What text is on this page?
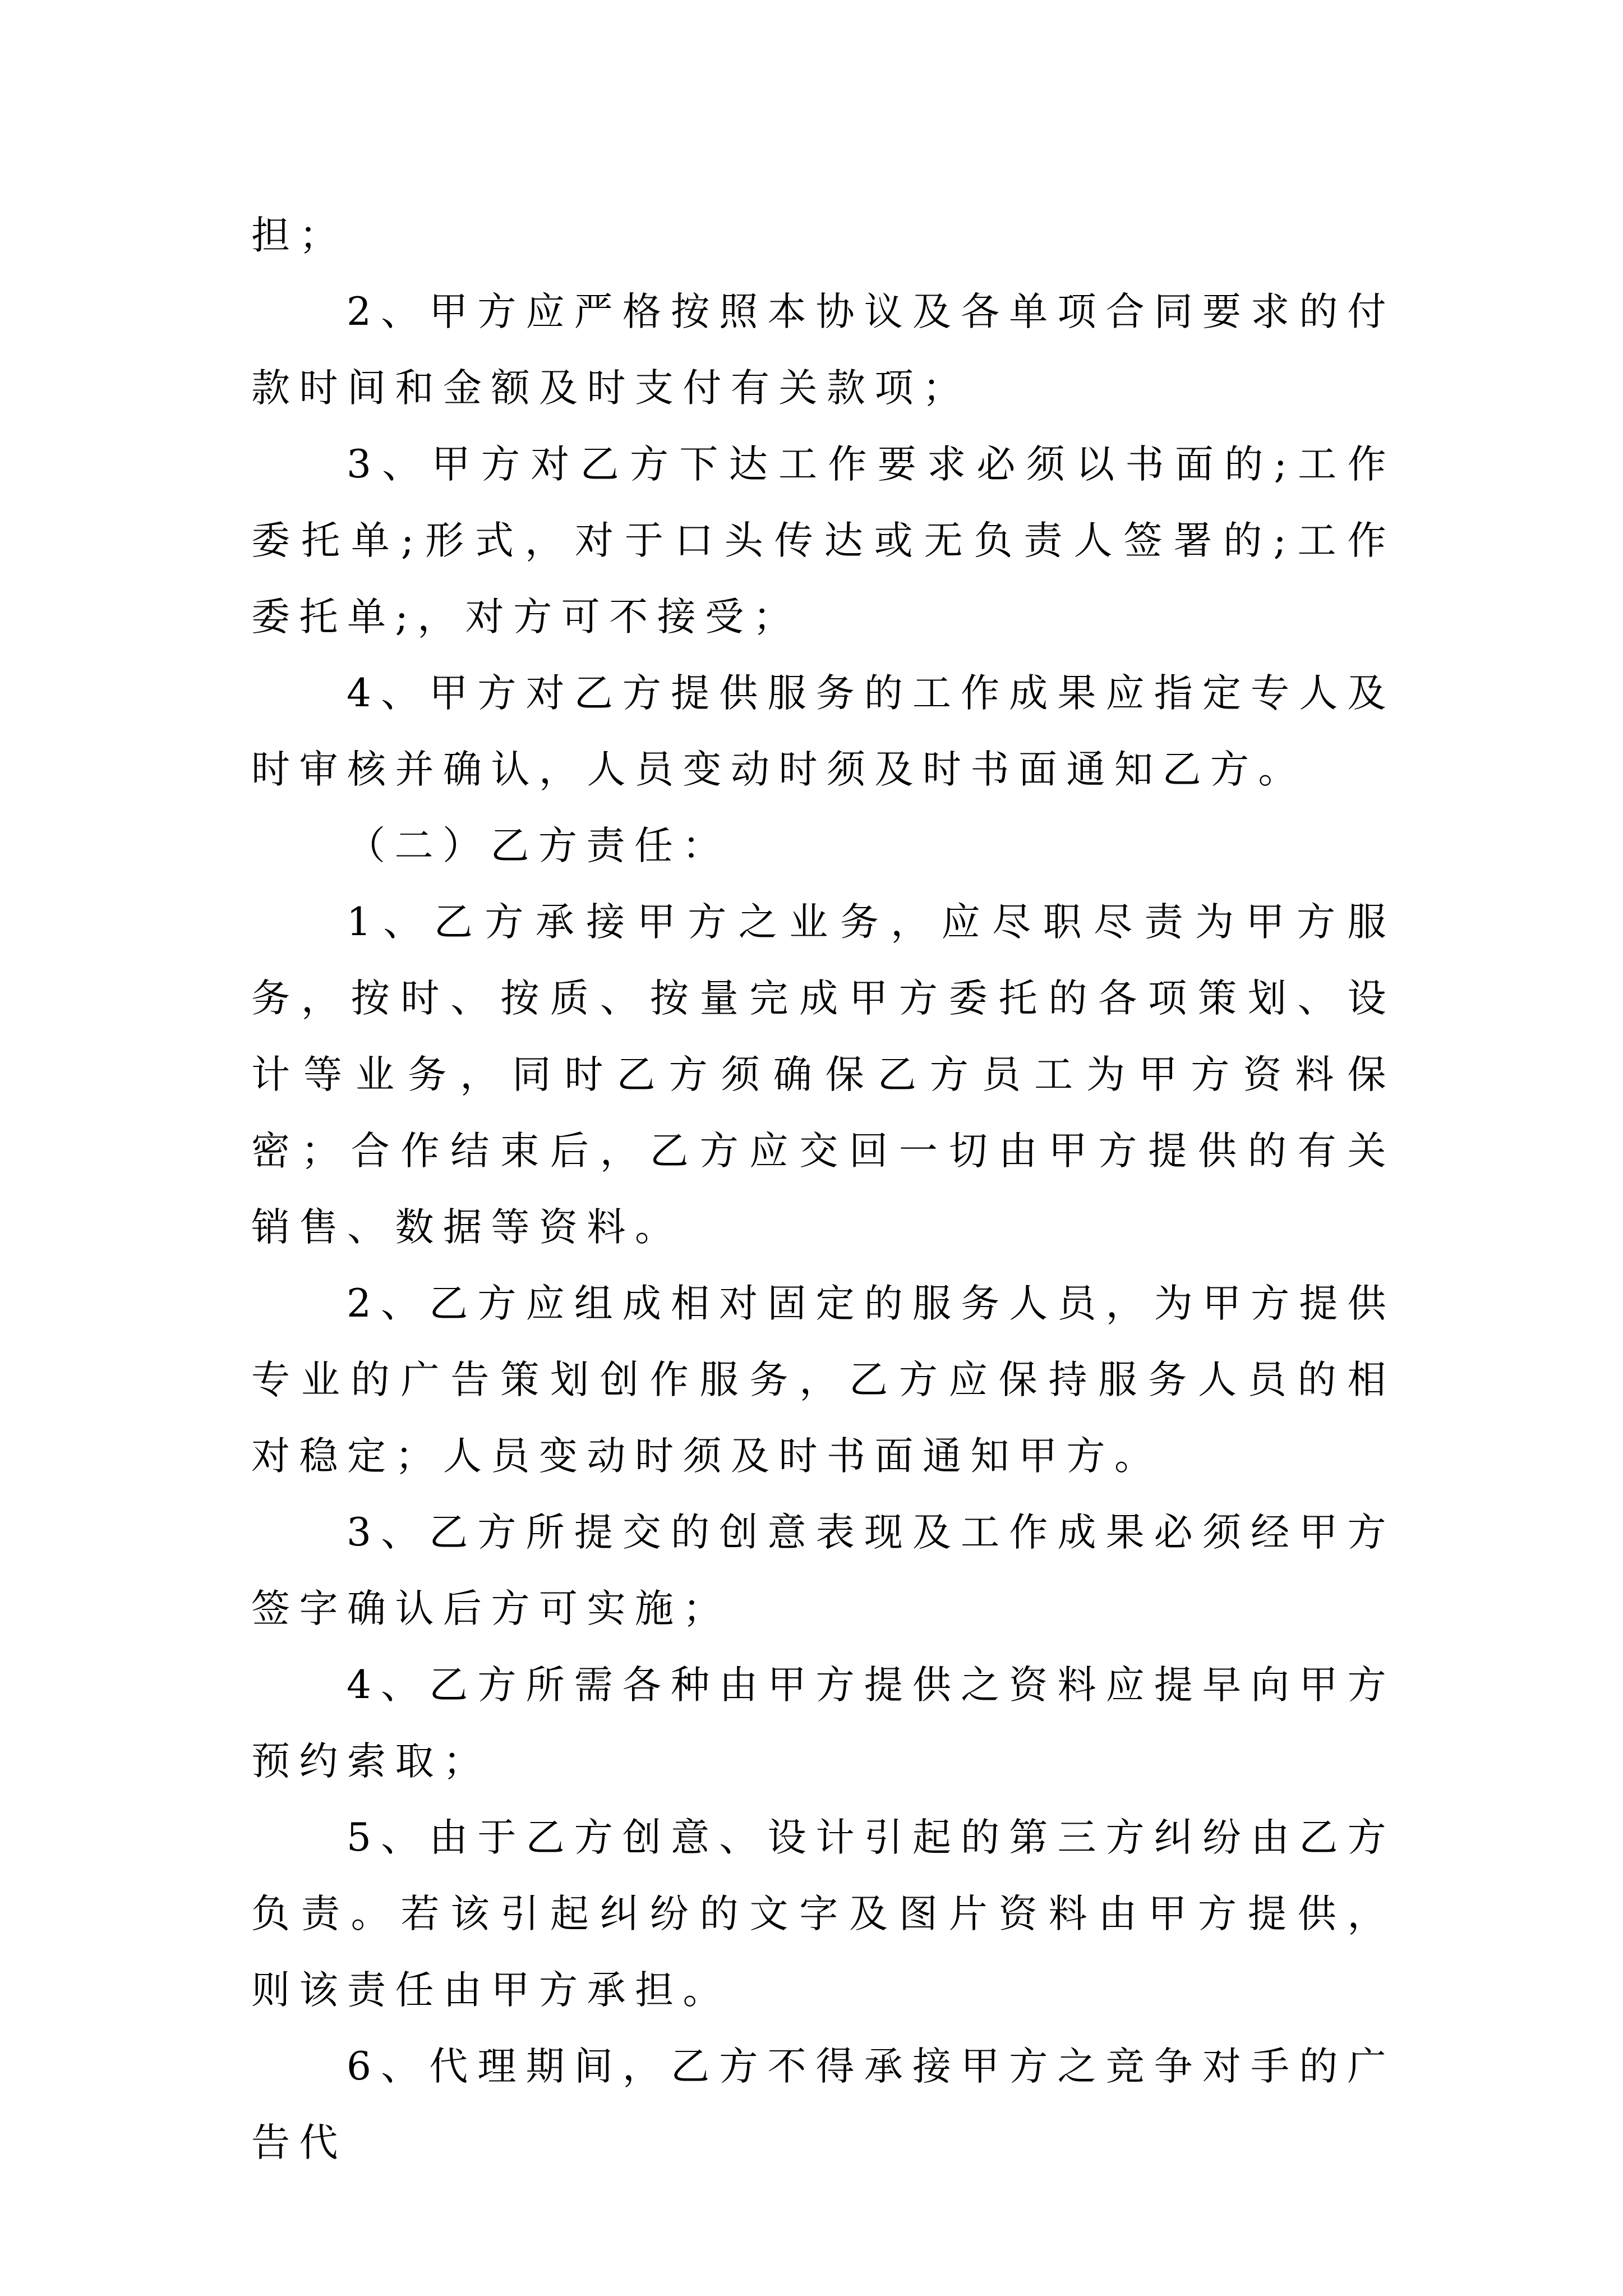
担；

2、甲方应严格按照本协议及各单项合同要求的付款时间和金额及时支付有关款项；

3、甲方对乙方下达工作要求必须以书面的;工作委托单;形式，对于口头传达或无负责人签署的;工作委托单;，对方可不接受；

4、甲方对乙方提供服务的工作成果应指定专人及时审核并确认，人员变动时须及时书面通知乙方。

（二）乙方责任：

1、乙方承接甲方之业务，应尽职尽责为甲方服务，按时、按质、按量完成甲方委托的各项策划、设计等业务，同时乙方须确保乙方员工为甲方资料保密；合作结束后，乙方应交回一切由甲方提供的有关销售、数据等资料。

2、乙方应组成相对固定的服务人员，为甲方提供专业的广告策划创作服务，乙方应保持服务人员的相对稳定；人员变动时须及时书面通知甲方。

3、乙方所提交的创意表现及工作成果必须经甲方签字确认后方可实施；

4、乙方所需各种由甲方提供之资料应提早向甲方预约索取；

5、由于乙方创意、设计引起的第三方纠纷由乙方负责。若该引起纠纷的文字及图片资料由甲方提供，则该责任由甲方承担。

6、代理期间，乙方不得承接甲方之竞争对手的广告代
